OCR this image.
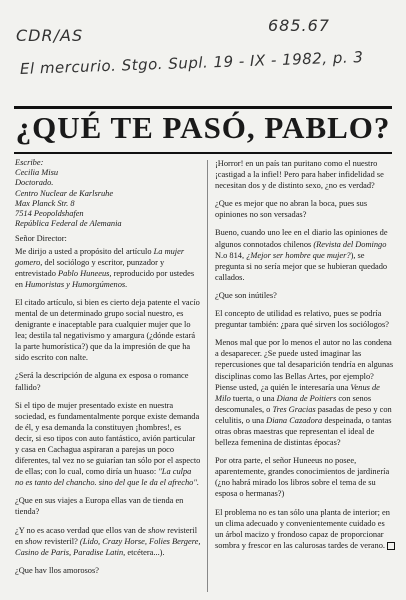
CDR/AS
685.67
El mercurio. Stgo. Supl. 19 - IX - 1982, p. 3
¿QUÉ TE PASÓ, PABLO?
Escribe:
Cecilia Misu
Doctorado.
Centro Nuclear de Karlsruhe
Max Planck Str. 8
7514 Peopoldshafen
República Federal de Alemania

Señor Director:

Me dirijo a usted a propósito del artículo La mujer gomero, del sociólogo y escritor, punzador y entrevistado Pablo Huneeus, reproducido por ustedes en Humoristas y Humorgúmenos.

El citado artículo, si bien es cierto deja patente el vacío mental de un determinado grupo social nuestro, es denigrante e inaceptable para cualquier mujer que lo lea; destila tal negativismo y amargura (¿dónde estará la parte humorística?) que da la impresión de que ha sido escrito con nalte.

¿Será la descripción de alguna ex esposa o romance fallido?

Si el tipo de mujer presentado existe en nuestra sociedad, es fundamentalmente porque existe demanda de él, y esa demanda la constituyen ¡hombres!, es decir, si eso tipos con auto fantástico, avión particular y casa en Cachagua aspiraran a parejas un poco diferentes, tal vez no se guiarían tan sólo por el aspecto de ellas; con lo cual, como diría un huaso: "La culpa no es tanto del chancho. sino del que le da el afrecho".

¿Que en sus viajes a Europa ellas van de tienda en tienda?

¿Y no es acaso verdad que ellos van de show revisteril en show revisteril? (Lido, Crazy Horse, Folies Bergere, Casino de Paris, Paradise Latin, etcétera...).

¿Que hav llos amorosos?

¡Horror! en un país tan puritano como el nuestro ¡castigad a la infiel! Pero para haber infidelidad se necesitan dos y de distinto sexo, ¿no es verdad?

¿Que es mejor que no abran la boca, pues sus opiniones no son versadas?

Bueno, cuando uno lee en el diario las opiniones de algunos connotados chilenos (Revista del Domingo N.o 814, ¿Mejor ser hombre que mujer?), se pregunta si no sería mejor que se hubieran quedado callados.

¿Que son inútiles?

El concepto de utilidad es relativo, pues se podría preguntar también: ¿para qué sirven los sociólogos?

Menos mal que por lo menos el autor no las condena a desaparecer. ¿Se puede usted imaginar las repercusiones que tal desaparición tendría en algunas disciplinas como las Bellas Artes, por ejemplo? Piense usted, ¿a quién le interesaría una Venus de Milo tuerta, o una Diana de Poitiers con senos descomunales, o Tres Gracias pasadas de peso y con celulitis, o una Diana Cazadora despeinada, o tantas otras obras maestras que representan el ideal de belleza femenina de distintas épocas?

Por otra parte, el señor Huneeus no posee, aparentemente, grandes conocimientos de jardinería (¿no habrá mirado los libros sobre el tema de su esposa o hermanas?)

El problema no es tan sólo una planta de interior; en un clima adecuado y convenientemente cuidado es un árbol macizo y frondoso capaz de proporcionar sombra y frescor en las calurosas tardes de verano.
